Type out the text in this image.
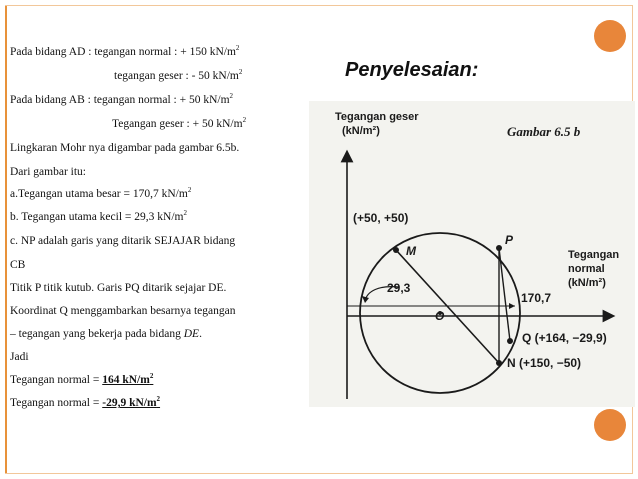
Pada bidang AD : tegangan normal : + 150 $kN/m^2$
tegangan geser : - 50 $kN/m^2$
Pada bidang AB : tegangan normal : + 50 $kN/m^2$
Tegangan geser : + 50 $kN/m^2$
Lingkaran Mohr nya digambar pada gambar 6.5b.
Dari gambar itu:
a.Tegangan utama besar = 170,7 $kN/m^2$
b. Tegangan utama kecil = 29,3 $kN/m^2$
c. NP adalah garis yang ditarik SEJAJAR bidang
CB
Titik P titik kutub. Garis PQ ditarik sejajar DE.
Koordinat Q menggambarkan besarnya tegangan
– tegangan yang bekerja pada bidang DE.
Jadi
Tegangan normal = 164 $kN/m^2$
Tegangan normal = -29,9 $kN/m^2$
Penyelesaian:
Gambar 6.5 b
Tegangan geser
(kN/m²)
Tegangan
normal
(kN/m²)
(+50, +50)
M
P
O
29,3
170,7
Q (+164, −29,9)
N (+150, −50)
